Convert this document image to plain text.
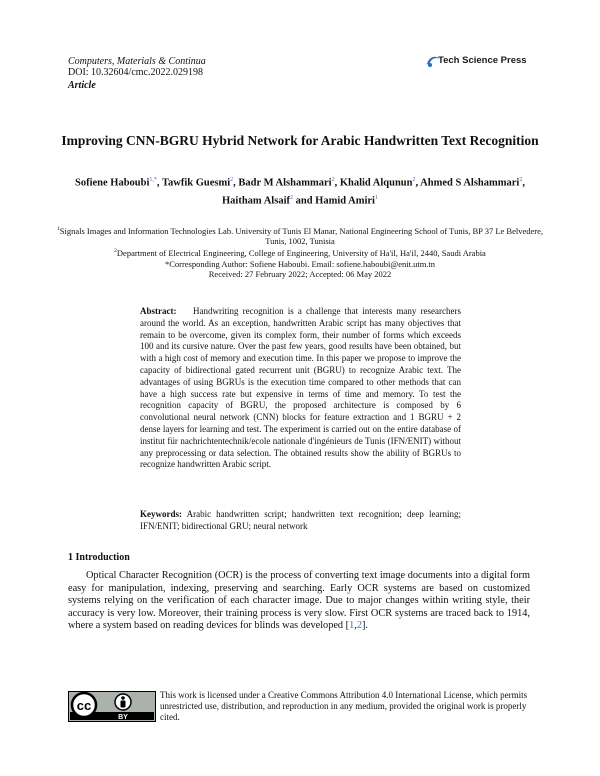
Computers, Materials & Continua
DOI: 10.32604/cmc.2022.029198
Article
Tech Science Press
Improving CNN-BGRU Hybrid Network for Arabic Handwritten Text Recognition
Sofiene Haboubi$^{1,*}$, Tawfik Guesmi$^2$, Badr M Alshammari$^2$, Khalid Alqunun$^2$, Ahmed S Alshammari$^2$,
Haitham Alsaif$^2$ and Hamid Amiri$^1$
$^1$Signals Images and Information Technologies Lab. University of Tunis El Manar, National Engineering School of Tunis, BP 37 Le Belvedere, Tunis, 1002, Tunisia
$^2$Department of Electrical Engineering, College of Engineering, University of Ha'il, Ha'il, 2440, Saudi Arabia
*Corresponding Author: Sofiene Haboubi. Email: sofiene.haboubi@enit.utm.tn
Received: 27 February 2022; Accepted: 06 May 2022
Abstract: Handwriting recognition is a challenge that interests many researchers around the world. As an exception, handwritten Arabic script has many objectives that remain to be overcome, given its complex form, their number of forms which exceeds 100 and its cursive nature. Over the past few years, good results have been obtained, but with a high cost of memory and execution time. In this paper we propose to improve the capacity of bidirectional gated recurrent unit (BGRU) to recognize Arabic text. The advantages of using BGRUs is the execution time compared to other methods that can have a high success rate but expensive in terms of time and memory. To test the recognition capacity of BGRU, the proposed architecture is composed by 6 convolutional neural network (CNN) blocks for feature extraction and 1 BGRU + 2 dense layers for learning and test. The experiment is carried out on the entire database of institut für nachrichtentechnik/ecole nationale d'ingénieurs de Tunis (IFN/ENIT) without any preprocessing or data selection. The obtained results show the ability of BGRUs to recognize handwritten Arabic script.
Keywords: Arabic handwritten script; handwritten text recognition; deep learning; IFN/ENIT; bidirectional GRU; neural network
1 Introduction
Optical Character Recognition (OCR) is the process of converting text image documents into a digital form easy for manipulation, indexing, preserving and searching. Early OCR systems are based on customized systems relying on the verification of each character image. Due to major changes within writing style, their accuracy is very low. Moreover, their training process is very slow. First OCR systems are traced back to 1914, where a system based on reading devices for blinds was developed [1,2].
cc
BY
This work is licensed under a Creative Commons Attribution 4.0 International License, which permits unrestricted use, distribution, and reproduction in any medium, provided the original work is properly cited.
